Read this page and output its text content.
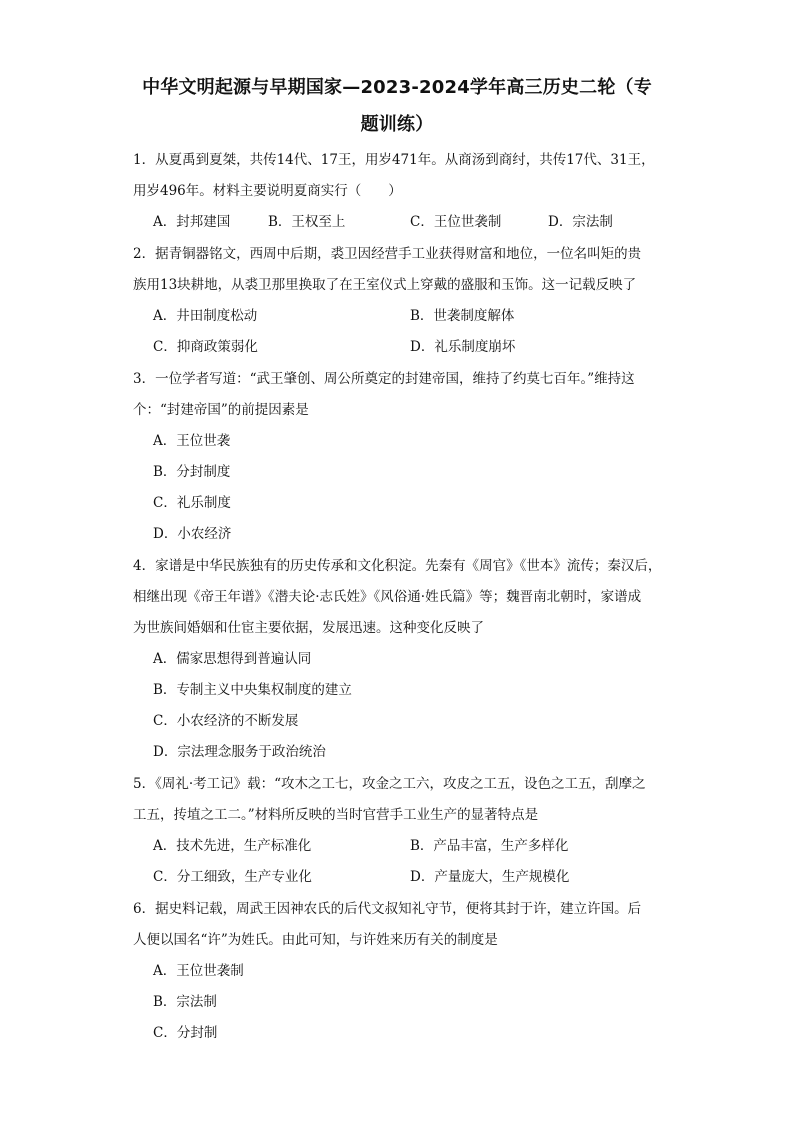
中华文明起源与早期国家—2023-2024学年高三历史二轮（专
题训练）
1．从夏禹到夏桀，共传14代、17王，用岁471年。从商汤到商纣，共传17代、31王，
用岁496年。材料主要说明夏商实行（　　）
A．封邦建国	B．王权至上	C．王位世袭制	D．宗法制
2．据青铜器铭文，西周中后期，裘卫因经营手工业获得财富和地位，一位名叫矩的贵
族用13块耕地，从裘卫那里换取了在王室仪式上穿戴的盛服和玉饰。这一记载反映了
A．井田制度松动	B．世袭制度解体
C．抑商政策弱化	D．礼乐制度崩坏
3．一位学者写道：“武王肇创、周公所奠定的封建帝国，维持了约莫七百年。”维持这
个：“封建帝国”的前提因素是
A．王位世袭
B．分封制度
C．礼乐制度
D．小农经济
4．家谱是中华民族独有的历史传承和文化积淀。先秦有《周官》《世本》流传；秦汉后，
相继出现《帝王年谱》《潜夫论·志氏姓》《风俗通·姓氏篇》等；魏晋南北朝时，家谱成
为世族间婚姻和仕宦主要依据，发展迅速。这种变化反映了
A．儒家思想得到普遍认同
B．专制主义中央集权制度的建立
C．小农经济的不断发展
D．宗法理念服务于政治统治
5．《周礼·考工记》载：“攻木之工七，攻金之工六，攻皮之工五，设色之工五，刮摩之
工五，抟埴之工二。”材料所反映的当时官营手工业生产的显著特点是
A．技术先进，生产标准化	B．产品丰富，生产多样化
C．分工细致，生产专业化	D．产量庞大，生产规模化
6．据史料记载，周武王因神农氏的后代文叔知礼守节，便将其封于许，建立许国。后
人便以国名“许”为姓氏。由此可知，与许姓来历有关的制度是
A．王位世袭制
B．宗法制
C．分封制
